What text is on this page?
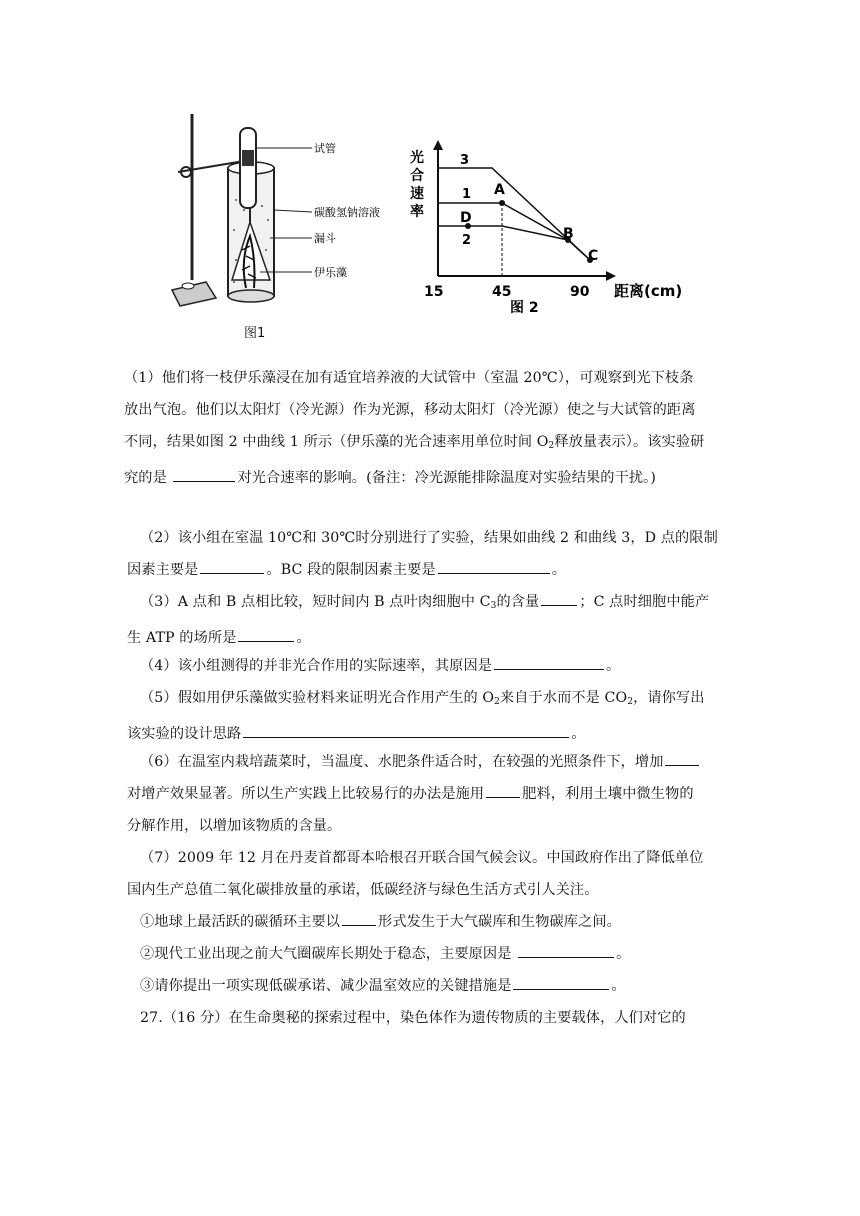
试管
碳酸氢钠溶液
漏斗
伊乐藻
图1
光
合
速
率
3
1
2
A
B
C
D
15	45	90 距离(cm)
图 2
（1）他们将一枝伊乐藻浸在加有适宜培养液的大试管中（室温 20℃），可观察到光下枝条
放出气泡。他们以太阳灯（冷光源）作为光源，移动太阳灯（冷光源）使之与大试管的距离
不同，结果如图 2 中曲线 1 所示（伊乐藻的光合速率用单位时间 $O_2$释放量表示）。该实验研
究的是	对光合速率的影响。(备注：冷光源能排除温度对实验结果的干扰。)
（2）该小组在室温 10℃和 30℃时分别进行了实验，结果如曲线 2 和曲线 3，D 点的限制
因素主要是	。BC 段的限制因素主要是	。
（3）A 点和 B 点相比较，短时间内 B 点叶肉细胞中 $C_3$的含量	；C 点时细胞中能产
生 ATP 的场所是	。
（4）该小组测得的并非光合作用的实际速率，其原因是	。
（5）假如用伊乐藻做实验材料来证明光合作用产生的 $O_2$来自于水而不是 $CO_2$，请你写出
该实验的设计思路	。
（6）在温室内栽培蔬菜时，当温度、水肥条件适合时，在较强的光照条件下，增加
对增产效果显著。所以生产实践上比较易行的办法是施用	肥料，利用土壤中微生物的
分解作用，以增加该物质的含量。
（7）2009 年 12 月在丹麦首都哥本哈根召开联合国气候会议。中国政府作出了降低单位
国内生产总值二氧化碳排放量的承诺，低碳经济与绿色生活方式引人关注。
①地球上最活跃的碳循环主要以	形式发生于大气碳库和生物碳库之间。
②现代工业出现之前大气圈碳库长期处于稳态，主要原因是	。
③请你提出一项实现低碳承诺、减少温室效应的关键措施是	。
27.（16 分）在生命奥秘的探索过程中，染色体作为遗传物质的主要载体，人们对它的
